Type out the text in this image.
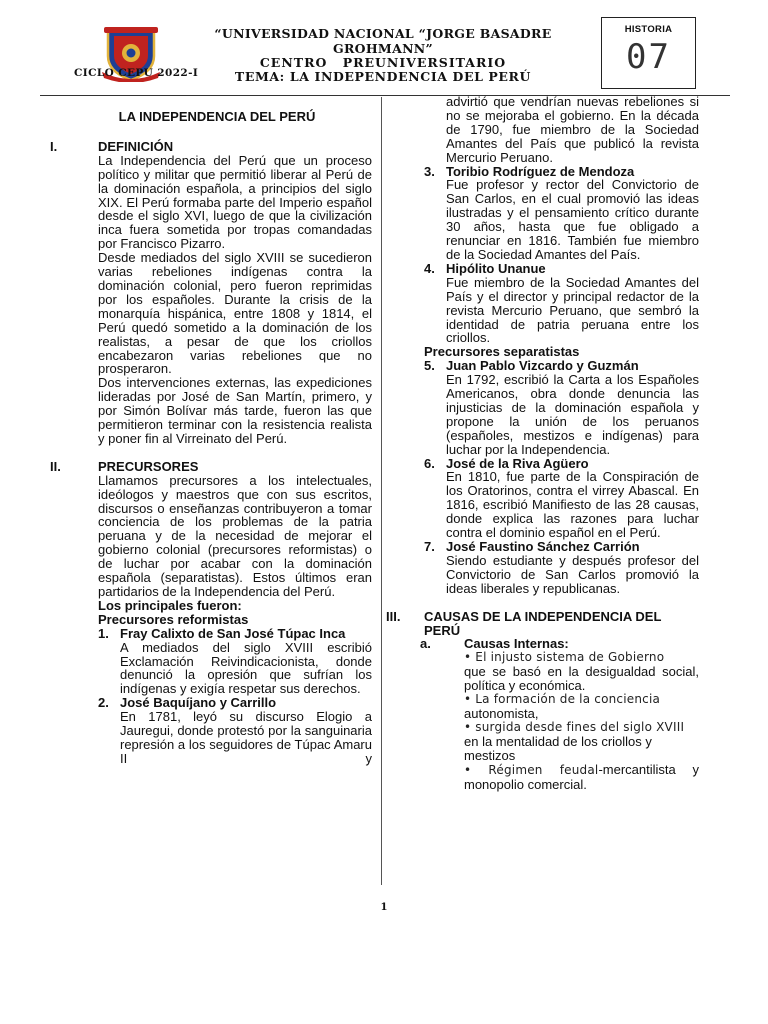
CICLO CEPU 2022-I
“UNIVERSIDAD NACIONAL “JORGE BASADRE GROHMANN”
CENTRO PREUNIVERSITARIO
TEMA: LA INDEPENDENCIA DEL PERÚ
HISTORIA
07
LA INDEPENDENCIA DEL PERÚ
I.	DEFINICIÓN
La Independencia del Perú que un proceso político y militar que permitió liberar al Perú de la dominación española, a principios del siglo XIX. El Perú formaba parte del Imperio español desde el siglo XVI, luego de que la civilización inca fuera sometida por tropas comandadas por Francisco Pizarro.
Desde mediados del siglo XVIII se sucedieron varias rebeliones indígenas contra la dominación colonial, pero fueron reprimidas por los españoles. Durante la crisis de la monarquía hispánica, entre 1808 y 1814, el Perú quedó sometido a la dominación de los realistas, a pesar de que los criollos encabezaron varias rebeliones que no prosperaron.
Dos intervenciones externas, las expediciones lideradas por José de San Martín, primero, y por Simón Bolívar más tarde, fueron las que permitieron terminar con la resistencia realista y poner fin al Virreinato del Perú.
II.	PRECURSORES
Llamamos precursores a los intelectuales, ideólogos y maestros que con sus escritos, discursos o enseñanzas contribuyeron a tomar conciencia de los problemas de la patria peruana y de la necesidad de mejorar el gobierno colonial (precursores reformistas) o de luchar por acabar con la dominación española (separatistas). Estos últimos eran partidarios de la Independencia del Perú.
Los principales fueron:
Precursores reformistas
1. Fray Calixto de San José Túpac Inca
A mediados del siglo XVIII escribió Exclamación Reivindicacionista, donde denunció la opresión que sufrían los indígenas y exigía respetar sus derechos.
2. José Baquíjano y Carrillo
En 1781, leyó su discurso Elogio a Jauregui, donde protestó por la sanguinaria represión a los seguidores de Túpac Amaru II y
advirtió que vendrían nuevas rebeliones si no se mejoraba el gobierno. En la década de 1790, fue miembro de la Sociedad Amantes del País que publicó la revista Mercurio Peruano.
3. Toribio Rodríguez de Mendoza
Fue profesor y rector del Convictorio de San Carlos, en el cual promovió las ideas ilustradas y el pensamiento crítico durante 30 años, hasta que fue obligado a renunciar en 1816. También fue miembro de la Sociedad Amantes del País.
4. Hipólito Unanue
Fue miembro de la Sociedad Amantes del País y el director y principal redactor de la revista Mercurio Peruano, que sembró la identidad de patria peruana entre los criollos.
Precursores separatistas
5. Juan Pablo Vizcardo y Guzmán
En 1792, escribió la Carta a los Españoles Americanos, obra donde denuncia las injusticias de la dominación española y propone la unión de los peruanos (españoles, mestizos e indígenas) para luchar por la Independencia.
6. José de la Riva Agüero
En 1810, fue parte de la Conspiración de los Oratorinos, contra el virrey Abascal. En 1816, escribió Manifiesto de las 28 causas, donde explica las razones para luchar contra el dominio español en el Perú.
7. José Faustino Sánchez Carrión
Siendo estudiante y después profesor del Convictorio de San Carlos promovió la ideas liberales y republicanas.
III.	CAUSAS DE LA INDEPENDENCIA DEL PERÚ
a.	Causas Internas:
• El injusto sistema de Gobierno
que se basó en la desigualdad social, política y económica.
• La formación de la conciencia
autonomista,
• surgida desde fines del siglo XVIII
en la mentalidad de los criollos y mestizos
• Régimen feudal-mercantilista y monopolio comercial.
1
